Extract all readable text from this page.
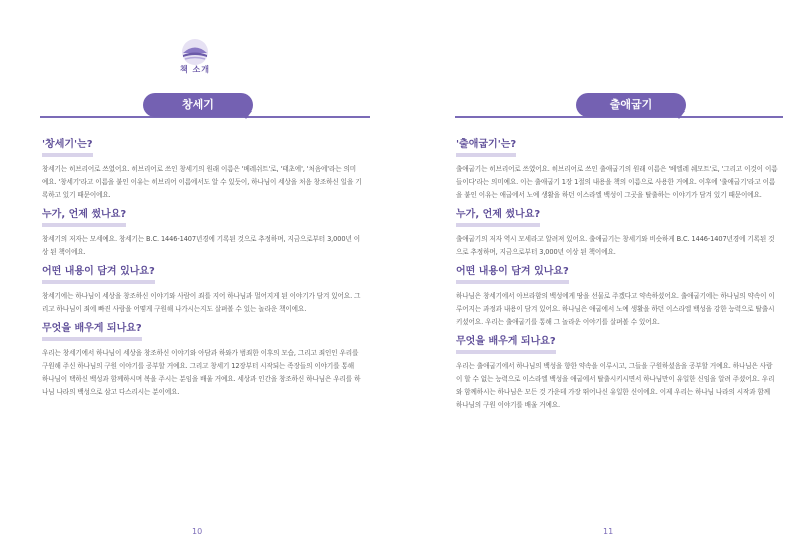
책 소개
창세기
'창세기'는?
창세기는 히브리어로 쓰였어요. 히브리어로 쓰인 창세기의 원래 이름은 '베레쉬트'로, '태초에', '처음에'라는 의미예요. '창세기'라고 이름을 붙인 이유는 히브리어 이름에서도 알 수 있듯이, 하나님이 세상을 처음 창조하신 일을 기록하고 있기 때문이에요.
누가, 언제 썼나요?
창세기의 저자는 모세예요. 창세기는 B.C. 1446-1407년경에 기록된 것으로 추정하며, 지금으로부터 3,000년 이상 된 책이에요.
어떤 내용이 담겨 있나요?
창세기에는 하나님이 세상을 창조하신 이야기와 사람이 죄를 지어 하나님과 멀어지게 된 이야기가 담겨 있어요. 그리고 하나님이 죄에 빠진 사람을 어떻게 구원해 나가시는지도 살펴볼 수 있는 놀라운 책이에요.
무엇을 배우게 되나요?
우리는 창세기에서 하나님이 세상을 창조하신 이야기와 아담과 하와가 범죄한 이후의 모습, 그리고 죄인인 우리를 구원해 주신 하나님의 구원 이야기를 공부할 거예요. 그리고 창세기 12장부터 시작되는 족장들의 이야기를 통해 하나님이 택하신 백성과 함께하시며 복을 주시는 분임을 배울 거예요. 세상과 인간을 창조하신 하나님은 우리를 하나님 나라의 백성으로 삼고 다스리시는 분이에요.
10
출애굽기
'출애굽기'는?
출애굽기는 히브리어로 쓰였어요. 히브리어로 쓰인 출애굽기의 원래 이름은 '베엘레 쉐모트'로, '그리고 이것이 이름들이다'라는 의미예요. 이는 출애굽기 1장 1절의 내용을 책의 이름으로 사용한 거예요. 이후에 '출애굽기'라고 이름을 붙인 이유는 애굽에서 노예 생활을 하던 이스라엘 백성이 그곳을 탈출하는 이야기가 담겨 있기 때문이에요.
누가, 언제 썼나요?
출애굽기의 저자 역시 모세라고 알려져 있어요. 출애굽기는 창세기와 비슷하게 B.C. 1446-1407년경에 기록된 것으로 추정하며, 지금으로부터 3,000년 이상 된 책이에요.
어떤 내용이 담겨 있나요?
하나님은 창세기에서 아브라함의 백성에게 땅을 선물로 주겠다고 약속하셨어요. 출애굽기에는 하나님의 약속이 이루어지는 과정과 내용이 담겨 있어요. 하나님은 애굽에서 노예 생활을 하던 이스라엘 백성을 강한 능력으로 탈출시키셨어요. 우리는 출애굽기를 통해 그 놀라운 이야기를 살펴볼 수 있어요.
무엇을 배우게 되나요?
우리는 출애굽기에서 하나님의 백성을 향한 약속을 이루시고, 그들을 구원하셨음을 공부할 거예요. 하나님은 사람이 할 수 없는 능력으로 이스라엘 백성을 애굽에서 탈출시키시면서 하나님만이 유일한 신임을 알려 주셨어요. 우리와 함께하시는 하나님은 모든 것 가운데 가장 뛰어나신 유일한 신이에요. 이제 우리는 하나님 나라의 시작과 함께 하나님의 구원 이야기를 배울 거예요.
11
